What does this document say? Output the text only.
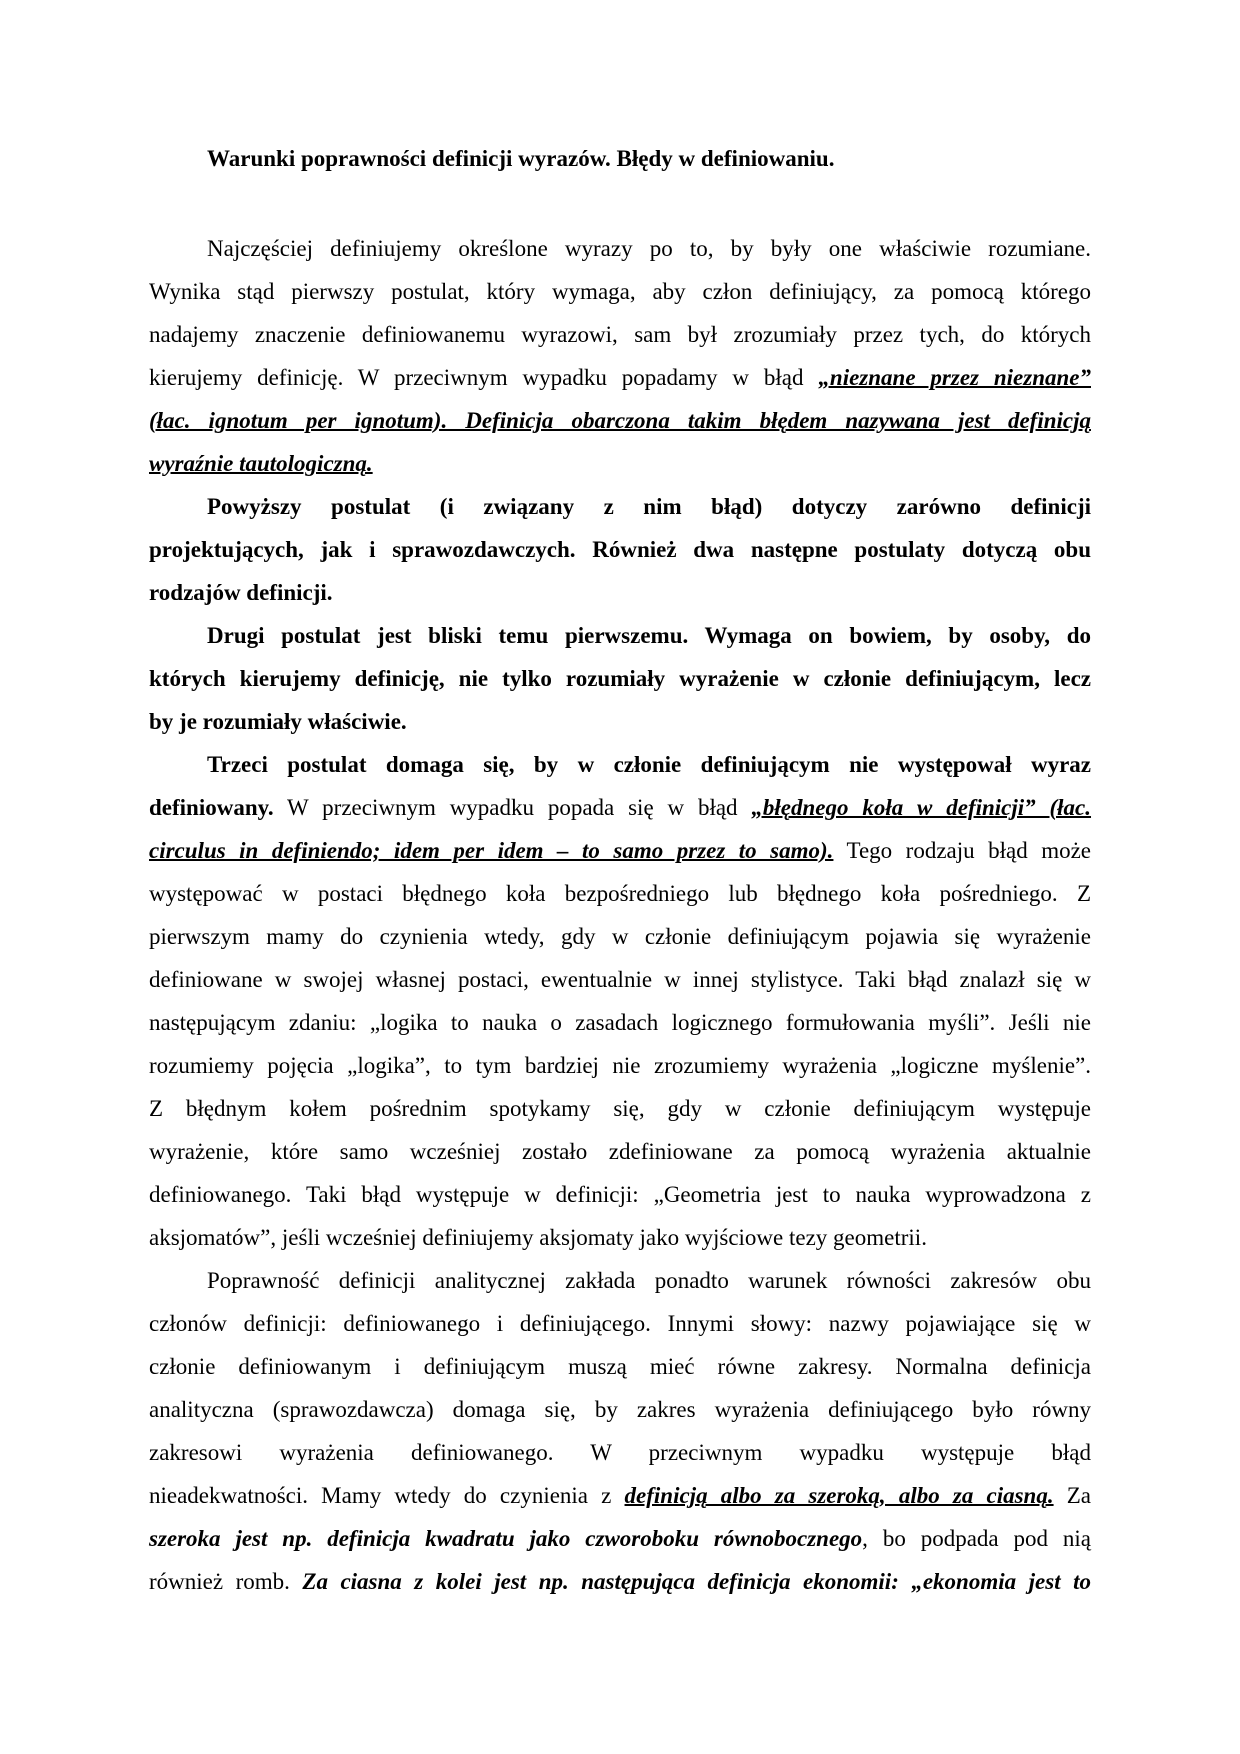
Warunki poprawności definicji wyrazów. Błędy w definiowaniu.
Najczęściej definiujemy określone wyrazy po to, by były one właściwie rozumiane.
Wynika stąd pierwszy postulat, który wymaga, aby człon definiujący, za pomocą którego
nadajemy znaczenie definiowanemu wyrazowi, sam był zrozumiały przez tych, do których
kierujemy definicję. W przeciwnym wypadku popadamy w błąd „nieznane przez nieznane”
(łac. ignotum per ignotum). Definicja obarczona takim błędem nazywana jest definicją
wyraźnie tautologiczną.
Powyższy postulat (i związany z nim błąd) dotyczy zarówno definicji
projektujących, jak i sprawozdawczych. Również dwa następne postulaty dotyczą obu
rodzajów definicji.
Drugi postulat jest bliski temu pierwszemu. Wymaga on bowiem, by osoby, do
których kierujemy definicję, nie tylko rozumiały wyrażenie w członie definiującym, lecz
by je rozumiały właściwie.
Trzeci postulat domaga się, by w członie definiującym nie występował wyraz
definiowany. W przeciwnym wypadku popada się w błąd „błędnego koła w definicji” (łac.
circulus in definiendo; idem per idem – to samo przez to samo). Tego rodzaju błąd może
występować w postaci błędnego koła bezpośredniego lub błędnego koła pośredniego. Z
pierwszym mamy do czynienia wtedy, gdy w członie definiującym pojawia się wyrażenie
definiowane w swojej własnej postaci, ewentualnie w innej stylistyce. Taki błąd znalazł się w
następującym zdaniu: „logika to nauka o zasadach logicznego formułowania myśli”. Jeśli nie
rozumiemy pojęcia „logika”, to tym bardziej nie zrozumiemy wyrażenia „logiczne myślenie”.
Z błędnym kołem pośrednim spotykamy się, gdy w członie definiującym występuje
wyrażenie, które samo wcześniej zostało zdefiniowane za pomocą wyrażenia aktualnie
definiowanego. Taki błąd występuje w definicji: „Geometria jest to nauka wyprowadzona z
aksjomatów”, jeśli wcześniej definiujemy aksjomaty jako wyjściowe tezy geometrii.
Poprawność definicji analitycznej zakłada ponadto warunek równości zakresów obu
członów definicji: definiowanego i definiującego. Innymi słowy: nazwy pojawiające się w
członie definiowanym i definiującym muszą mieć równe zakresy. Normalna definicja
analityczna (sprawozdawcza) domaga się, by zakres wyrażenia definiującego było równy
zakresowi wyrażenia definiowanego. W przeciwnym wypadku występuje błąd
nieadekwatności. Mamy wtedy do czynienia z definicją albo za szeroką, albo za ciasną. Za
szeroka jest np. definicja kwadratu jako czworoboku równobocznego, bo podpada pod nią
również romb. Za ciasna z kolei jest np. następująca definicja ekonomii: „ekonomia jest to
